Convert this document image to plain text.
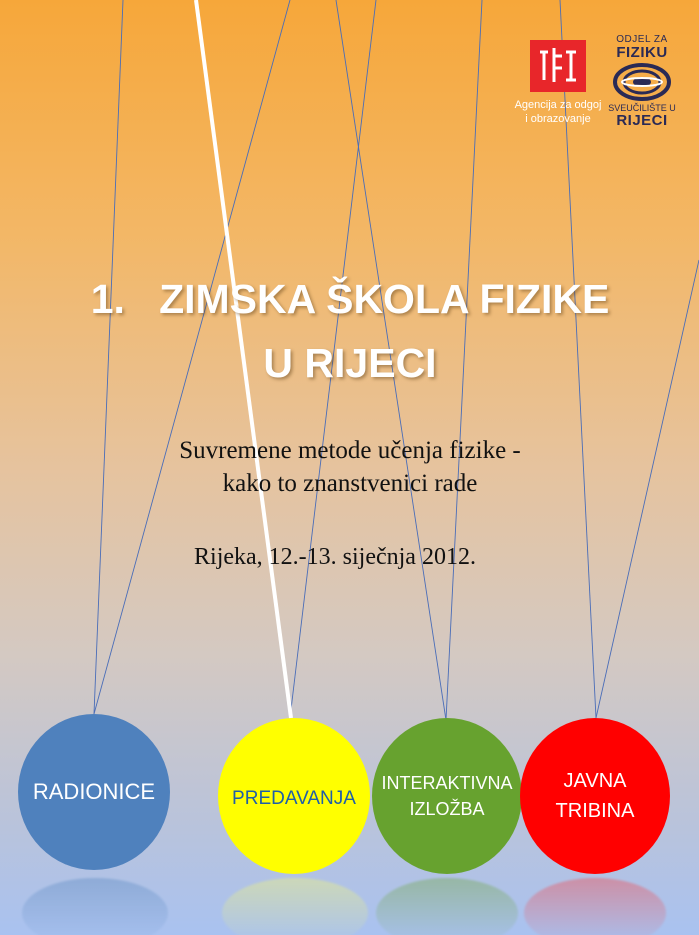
Agencija za odgoj
i obrazovanje
ODJEL ZA
FIZIKU
SVEUČILIŠTE U
RIJECI
1.   ZIMSKA ŠKOLA FIZIKE
U RIJECI
Suvremene metode učenja fizike -
kako to znanstvenici rade
Rijeka, 12.-13. siječnja 2012.
RADIONICE	PREDAVANJA
INTERAKTIVNA
IZLOŽBA
JAVNA
TRIBINA
